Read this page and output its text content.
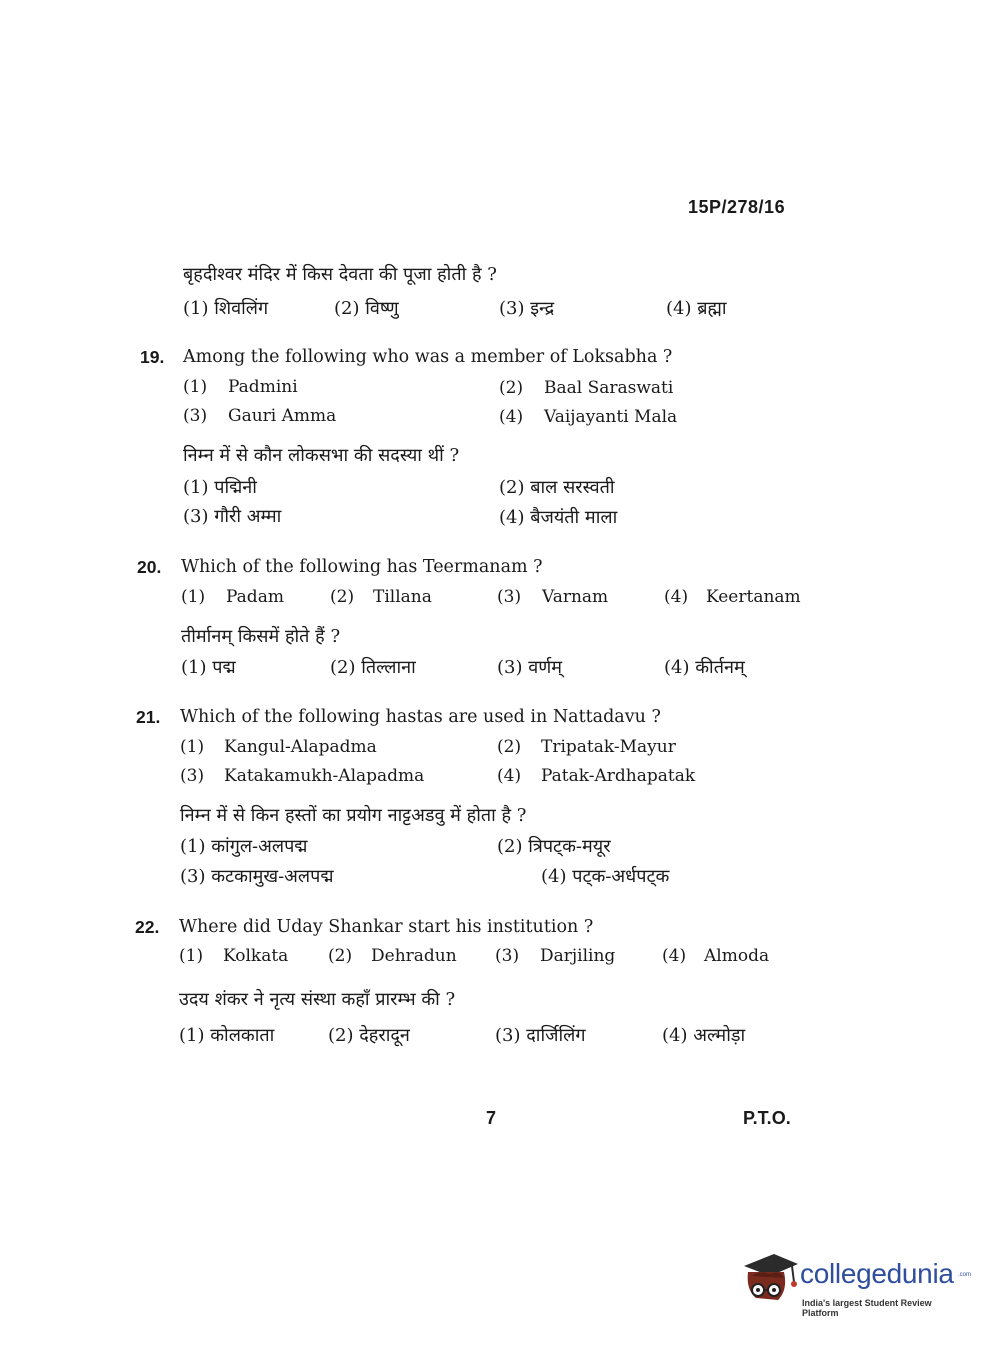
15P/278/16
बृहदीश्वर मंदिर में किस देवता की पूजा होती है ?
(1) शिवलिंग	(2) विष्णु	(3) इन्द्र	(4) ब्रह्मा
19. Among the following who was a member of Loksabha ?
(1) Padmini	(2) Baal Saraswati
(3) Gauri Amma	(4) Vaijayanti Mala
निम्न में से कौन लोकसभा की सदस्या थीं ?
(1) पद्मिनी	(2) बाल सरस्वती
(3) गौरी अम्मा	(4) बैजयंती माला
20. Which of the following has Teermanam ?
(1) Padam	(2) Tillana	(3) Varnam	(4) Keertanam
तीर्मानम् किसमें होते हैं ?
(1) पद्म	(2) तिल्लाना	(3) वर्णम्	(4) कीर्तनम्
21. Which of the following hastas are used in Nattadavu ?
(1) Kangul-Alapadma	(2) Tripatak-Mayur
(3) Katakamukh-Alapadma	(4) Patak-Ardhapatak
निम्न में से किन हस्तों का प्रयोग नाट्टअडवु में होता है ?
(1) कांगुल-अलपद्म	(2) त्रिपट्क-मयूर
(3) कटकामुख-अलपद्म	(4) पट्क-अर्धपट्क
22. Where did Uday Shankar start his institution ?
(1) Kolkata (2) Dehradun (3) Darjiling	(4) Almoda
उदय शंकर ने नृत्य संस्था कहाँ प्रारम्भ की ?
(1) कोलकाता	(2) देहरादून	(3) दार्जिलिंग	(4) अल्मोड़ा
7	P.T.O.
collegedunia .com
India's largest Student Review Platform
